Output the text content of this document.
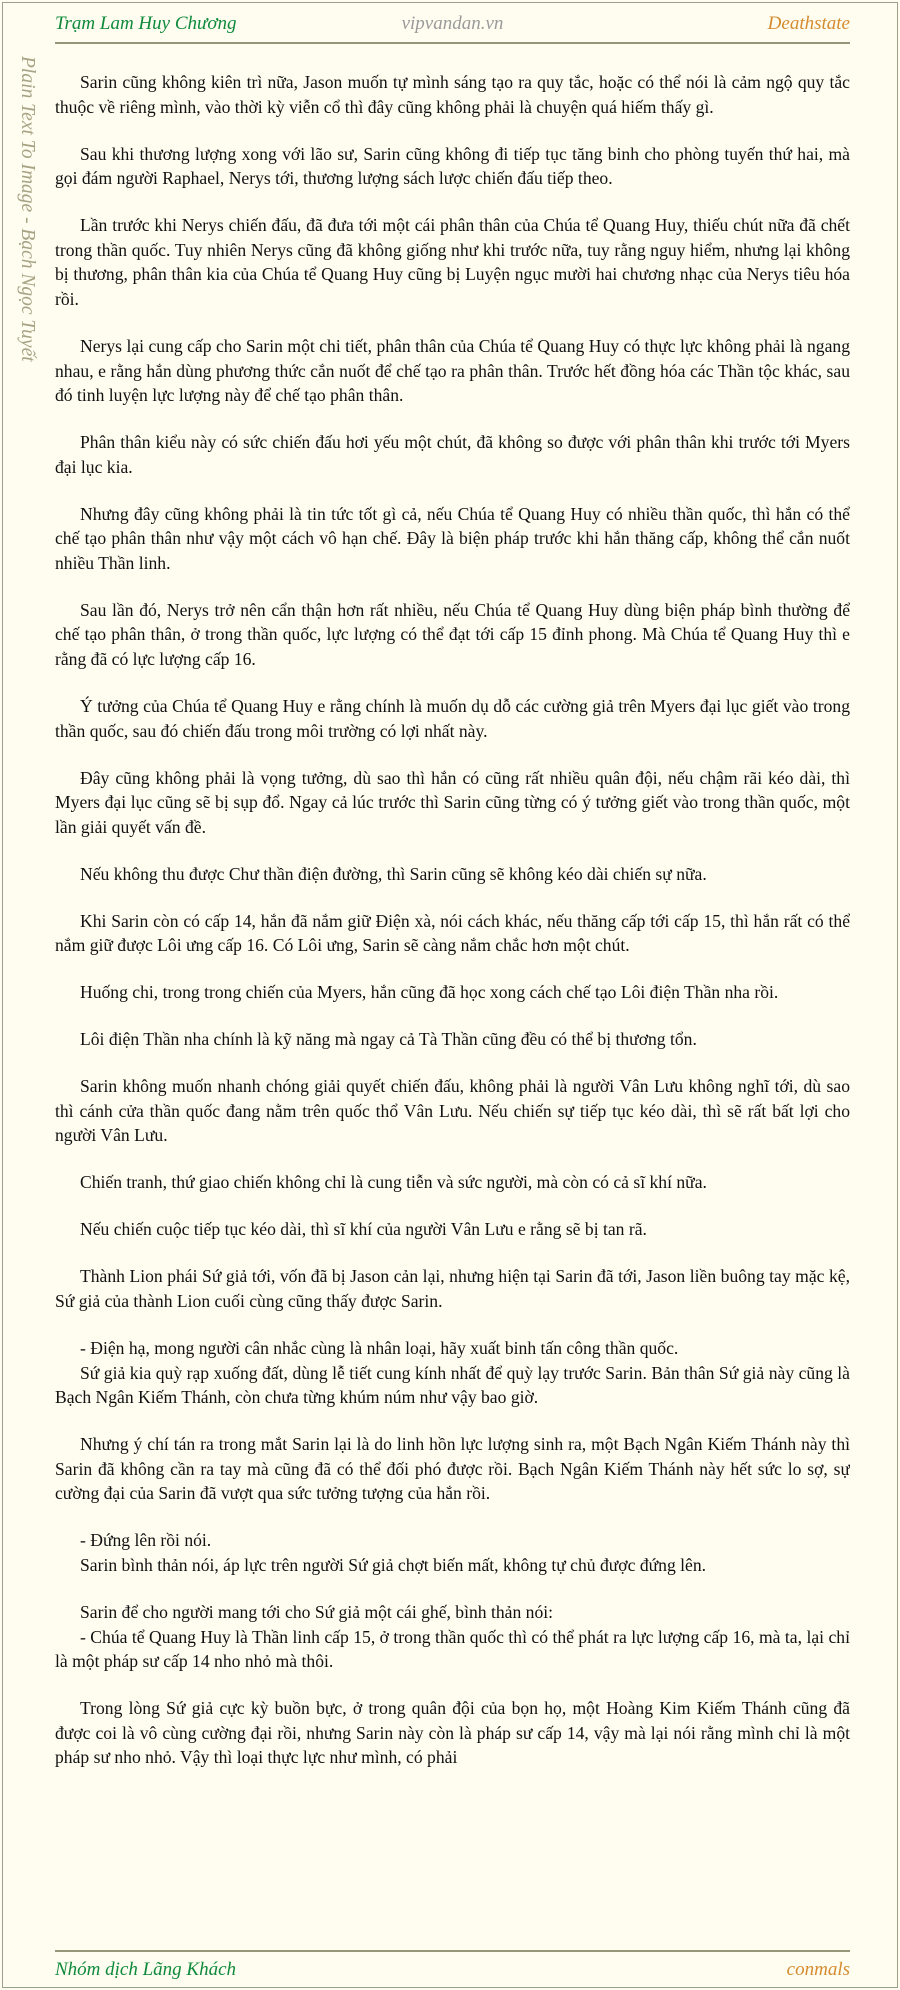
Trạm Lam Huy Chương	vipvandan.vn	Deathstate
Plain Text To Image - Bạch Ngọc Tuyết	Sarin cũng không kiên trì nữa, Jason muốn tự mình sáng tạo ra quy tắc, hoặc có thể nói là cảm ngộ quy tắc thuộc về riêng mình, vào thời kỳ viễn cổ thì đây cũng không phải là chuyện quá hiếm thấy gì.

Sau khi thương lượng xong với lão sư, Sarin cũng không đi tiếp tục tăng binh cho phòng tuyến thứ hai, mà gọi đám người Raphael, Nerys tới, thương lượng sách lược chiến đấu tiếp theo.

Lần trước khi Nerys chiến đấu, đã đưa tới một cái phân thân của Chúa tể Quang Huy, thiếu chút nữa đã chết trong thần quốc. Tuy nhiên Nerys cũng đã không giống như khi trước nữa, tuy rằng nguy hiểm, nhưng lại không bị thương, phân thân kia của Chúa tể Quang Huy cũng bị Luyện ngục mười hai chương nhạc của Nerys tiêu hóa rồi.

Nerys lại cung cấp cho Sarin một chi tiết, phân thân của Chúa tể Quang Huy có thực lực không phải là ngang nhau, e rằng hắn dùng phương thức cắn nuốt để chế tạo ra phân thân. Trước hết đồng hóa các Thần tộc khác, sau đó tinh luyện lực lượng này để chế tạo phân thân.

Phân thân kiểu này có sức chiến đấu hơi yếu một chút, đã không so được với phân thân khi trước tới Myers đại lục kia.

Nhưng đây cũng không phải là tin tức tốt gì cả, nếu Chúa tể Quang Huy có nhiều thần quốc, thì hắn có thể chế tạo phân thân như vậy một cách vô hạn chế. Đây là biện pháp trước khi hắn thăng cấp, không thể cắn nuốt nhiều Thần linh.

Sau lần đó, Nerys trở nên cẩn thận hơn rất nhiều, nếu Chúa tể Quang Huy dùng biện pháp bình thường để chế tạo phân thân, ở trong thần quốc, lực lượng có thể đạt tới cấp 15 đỉnh phong. Mà Chúa tể Quang Huy thì e rằng đã có lực lượng cấp 16.

Ý tưởng của Chúa tể Quang Huy e rằng chính là muốn dụ dỗ các cường giả trên Myers đại lục giết vào trong thần quốc, sau đó chiến đấu trong môi trường có lợi nhất này.

Đây cũng không phải là vọng tưởng, dù sao thì hắn có cũng rất nhiều quân đội, nếu chậm rãi kéo dài, thì Myers đại lục cũng sẽ bị sụp đổ. Ngay cả lúc trước thì Sarin cũng từng có ý tưởng giết vào trong thần quốc, một lần giải quyết vấn đề.

Nếu không thu được Chư thần điện đường, thì Sarin cũng sẽ không kéo dài chiến sự nữa.

Khi Sarin còn có cấp 14, hắn đã nắm giữ Điện xà, nói cách khác, nếu thăng cấp tới cấp 15, thì hắn rất có thể nắm giữ được Lôi ưng cấp 16. Có Lôi ưng, Sarin sẽ càng nắm chắc hơn một chút.

Huống chi, trong trong chiến của Myers, hắn cũng đã học xong cách chế tạo Lôi điện Thần nha rồi.

Lôi điện Thần nha chính là kỹ năng mà ngay cả Tà Thần cũng đều có thể bị thương tổn.

Sarin không muốn nhanh chóng giải quyết chiến đấu, không phải là người Vân Lưu không nghĩ tới, dù sao thì cánh cửa thần quốc đang nằm trên quốc thổ Vân Lưu. Nếu chiến sự tiếp tục kéo dài, thì sẽ rất bất lợi cho người Vân Lưu.

Chiến tranh, thứ giao chiến không chỉ là cung tiễn và sức người, mà còn có cả sĩ khí nữa.

Nếu chiến cuộc tiếp tục kéo dài, thì sĩ khí của người Vân Lưu e rằng sẽ bị tan rã.

Thành Lion phái Sứ giả tới, vốn đã bị Jason cản lại, nhưng hiện tại Sarin đã tới, Jason liền buông tay mặc kệ, Sứ giả của thành Lion cuối cùng cũng thấy được Sarin.

- Điện hạ, mong người cân nhắc cùng là nhân loại, hãy xuất binh tấn công thần quốc.

Sứ giả kia quỳ rạp xuống đất, dùng lễ tiết cung kính nhất để quỳ lạy trước Sarin. Bản thân Sứ giả này cũng là Bạch Ngân Kiếm Thánh, còn chưa từng khúm núm như vậy bao giờ.

Nhưng ý chí tán ra trong mắt Sarin lại là do linh hồn lực lượng sinh ra, một Bạch Ngân Kiếm Thánh này thì Sarin đã không cần ra tay mà cũng đã có thể đối phó được rồi. Bạch Ngân Kiếm Thánh này hết sức lo sợ, sự cường đại của Sarin đã vượt qua sức tưởng tượng của hắn rồi.

- Đứng lên rồi nói.

Sarin bình thản nói, áp lực trên người Sứ giả chợt biến mất, không tự chủ được đứng lên.

Sarin để cho người mang tới cho Sứ giả một cái ghế, bình thản nói:

- Chúa tể Quang Huy là Thần linh cấp 15, ở trong thần quốc thì có thể phát ra lực lượng cấp 16, mà ta, lại chỉ là một pháp sư cấp 14 nho nhỏ mà thôi.

Trong lòng Sứ giả cực kỳ buồn bực, ở trong quân đội của bọn họ, một Hoàng Kim Kiếm Thánh cũng đã được coi là vô cùng cường đại rồi, nhưng Sarin này còn là pháp sư cấp 14, vậy mà lại nói rằng mình chỉ là một pháp sư nho nhỏ. Vậy thì loại thực lực như mình, có phải

Nhóm dịch Lãng Khách	conmals
